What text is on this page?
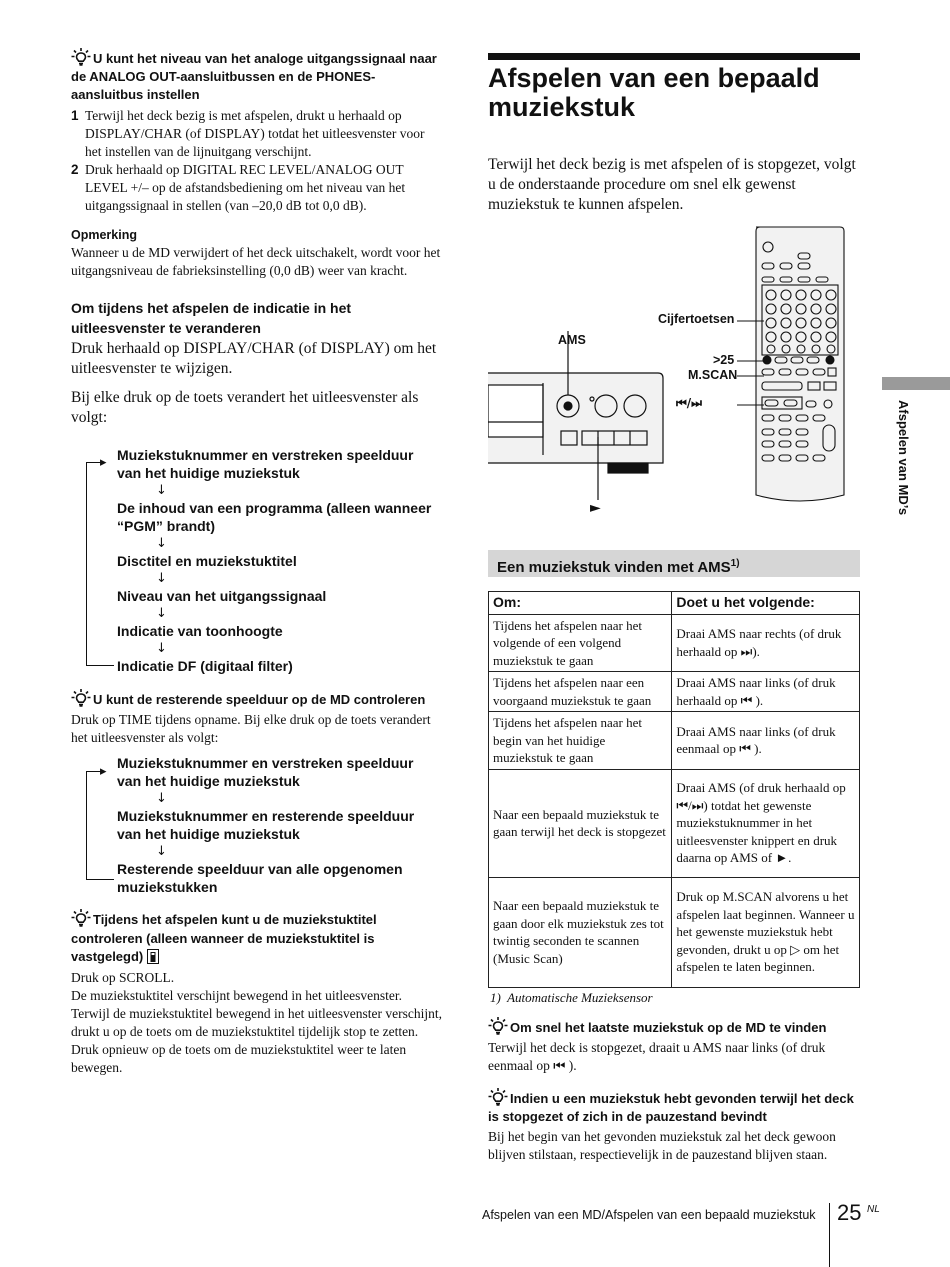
U kunt het niveau van het analoge uitgangssignaal naar de ANALOG OUT-aansluitbussen en de PHONES-aansluitbus instellen
1 Terwijl het deck bezig is met afspelen, drukt u herhaald op DISPLAY/CHAR (of DISPLAY) totdat het uitleesvenster voor het instellen van de lijnuitgang verschijnt.
2 Druk herhaald op DIGITAL REC LEVEL/ANALOG OUT LEVEL +/– op de afstandsbediening om het niveau van het uitgangssignaal in stellen (van –20,0 dB tot 0,0 dB).
Opmerking
Wanneer u de MD verwijdert of het deck uitschakelt, wordt voor het uitgangsniveau de fabrieksinstelling (0,0 dB) weer van kracht.
Om tijdens het afspelen de indicatie in het uitleesvenster te veranderen
Druk herhaald op DISPLAY/CHAR (of DISPLAY) om het uitleesvenster te wijzigen.
Bij elke druk op de toets verandert het uitleesvenster als volgt:
▸ Muziekstuknummer en verstreken speelduur van het huidige muziekstuk
↓
De inhoud van een programma (alleen wanneer “PGM” brandt)
↓
Disctitel en muziekstuktitel
↓
Niveau van het uitgangssignaal
↓
Indicatie van toonhoogte
↓
Indicatie DF (digitaal filter)
U kunt de resterende speelduur op de MD controleren
Druk op TIME tijdens opname. Bij elke druk op de toets verandert het uitleesvenster als volgt:
▸
Muziekstuknummer en verstreken speelduur van het huidige muziekstuk
↓
Muziekstuknummer en resterende speelduur van het huidige muziekstuk
↓
Resterende speelduur van alle opgenomen muziekstukken
Tijdens het afspelen kunt u de muziekstuktitel controleren (alleen wanneer de muziekstuktitel is vastgelegd)
Druk op SCROLL.
De muziekstuktitel verschijnt bewegend in het uitleesvenster. Terwijl de muziekstuktitel bewegend in het uitleesvenster verschijnt, drukt u op de toets om de muziekstuktitel tijdelijk stop te zetten. Druk opnieuw op de toets om de muziekstuktitel weer te laten bewegen.
Afspelen van een bepaald
muziekstuk
Terwijl het deck bezig is met afspelen of is stopgezet, volgt u de onderstaande procedure om snel elk gewenst muziekstuk te kunnen afspelen.
Cijfertoetsen
AMS
>25
M.SCAN
⏮/⏭
►	Afspelen van MD’s
Een muziekstuk vinden met AMS$^{1)}$
Om:	Doet u het volgende:
Tijdens het afspelen naar het volgende of een volgend muziekstuk te gaan	Draai AMS naar rechts (of druk herhaald op ⏭).
Tijdens het afspelen naar een voorgaand muziekstuk te gaan	Draai AMS naar links (of druk herhaald op ⏮ ).
Tijdens het afspelen naar het begin van het huidige muziekstuk te gaan	Draai AMS naar links (of druk eenmaal op ⏮ ).
Naar een bepaald muziekstuk te gaan terwijl het deck is stopgezet	Draai AMS (of druk herhaald op ⏮/⏭) totdat het gewenste muziekstuknummer in het uitleesvenster knippert en druk daarna op AMS of ►.
Naar een bepaald muziekstuk te gaan door elk muziekstuk zes tot twintig seconden te scannen (Music Scan)	Druk op M.SCAN alvorens u het afspelen laat beginnen. Wanneer u het gewenste muziekstuk hebt gevonden, drukt u op ▷ om het afspelen te laten beginnen.
1)  Automatische Muzieksensor
Om snel het laatste muziekstuk op de MD te vinden
Terwijl het deck is stopgezet, draait u AMS naar links (of druk eenmaal op ⏮ ).
Indien u een muziekstuk hebt gevonden terwijl het deck is stopgezet of zich in de pauzestand bevindt
Bij het begin van het gevonden muziekstuk zal het deck gewoon blijven stilstaan, respectievelijk in de pauzestand blijven staan.
Afspelen van een MD/Afspelen van een bepaald muziekstuk 25 NL
